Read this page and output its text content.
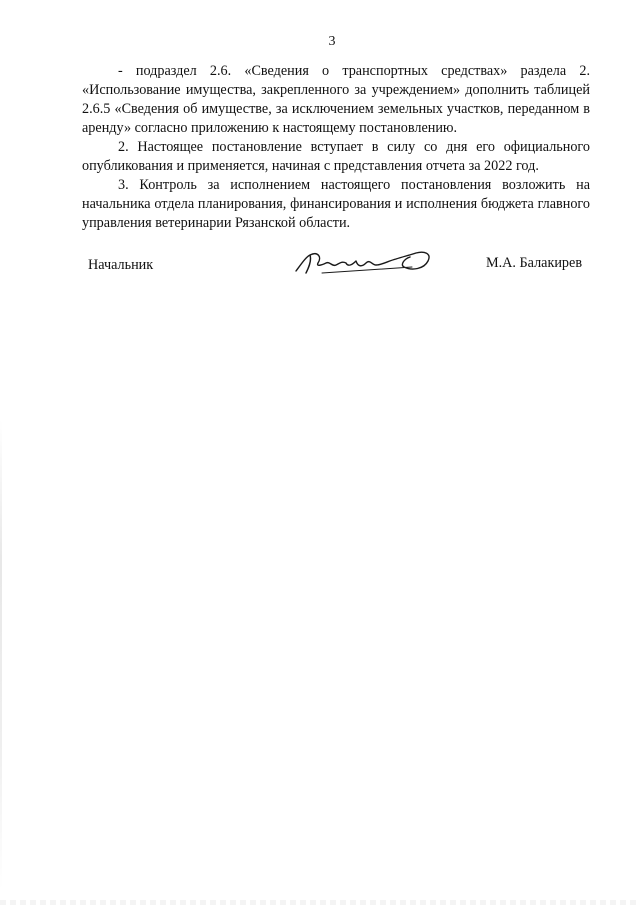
3

- подраздел 2.6. «Сведения о транспортных средствах» раздела 2. «Использование имущества, закрепленного за учреждением» дополнить таблицей 2.6.5 «Сведения об имуществе, за исключением земельных участков, переданном в аренду» согласно приложению к настоящему постановлению.

2. Настоящее постановление вступает в силу со дня его официального опубликования и применяется, начиная с представления отчета за 2022 год.

3. Контроль за исполнением настоящего постановления возложить на начальника отдела планирования, финансирования и исполнения бюджета главного управления ветеринарии Рязанской области.

Начальник	М.А. Балакирев
